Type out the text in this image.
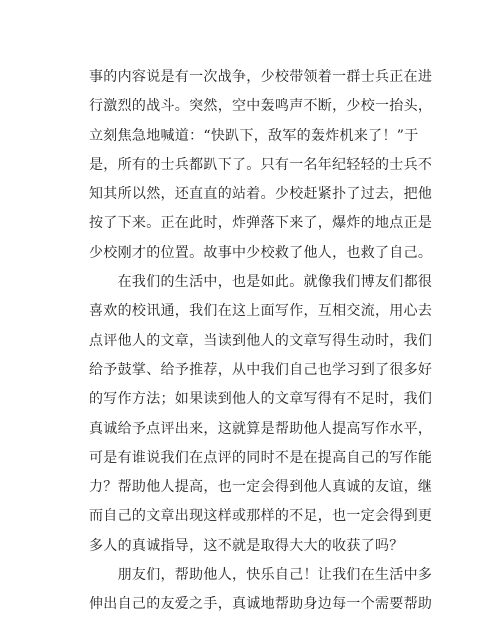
事的内容说是有一次战争，少校带领着一群士兵正在进
行激烈的战斗。突然，空中轰鸣声不断，少校一抬头，
立刻焦急地喊道：“快趴下，敌军的轰炸机来了！”于
是，所有的士兵都趴下了。只有一名年纪轻轻的士兵不
知其所以然，还直直的站着。少校赶紧扑了过去，把他
按了下来。正在此时，炸弹落下来了，爆炸的地点正是
少校刚才的位置。故事中少校救了他人，也救了自己。
　　在我们的生活中，也是如此。就像我们博友们都很
喜欢的校讯通，我们在这上面写作，互相交流，用心去
点评他人的文章，当读到他人的文章写得生动时，我们
给予鼓掌、给予推荐，从中我们自己也学习到了很多好
的写作方法；如果读到他人的文章写得有不足时，我们
真诚给予点评出来，这就算是帮助他人提高写作水平，
可是有谁说我们在点评的同时不是在提高自己的写作能
力？帮助他人提高，也一定会得到他人真诚的友谊，继
而自己的文章出现这样或那样的不足，也一定会得到更
多人的真诚指导，这不就是取得大大的收获了吗？
　　朋友们，帮助他人，快乐自己！让我们在生活中多
伸出自己的友爱之手，真诚地帮助身边每一个需要帮助
